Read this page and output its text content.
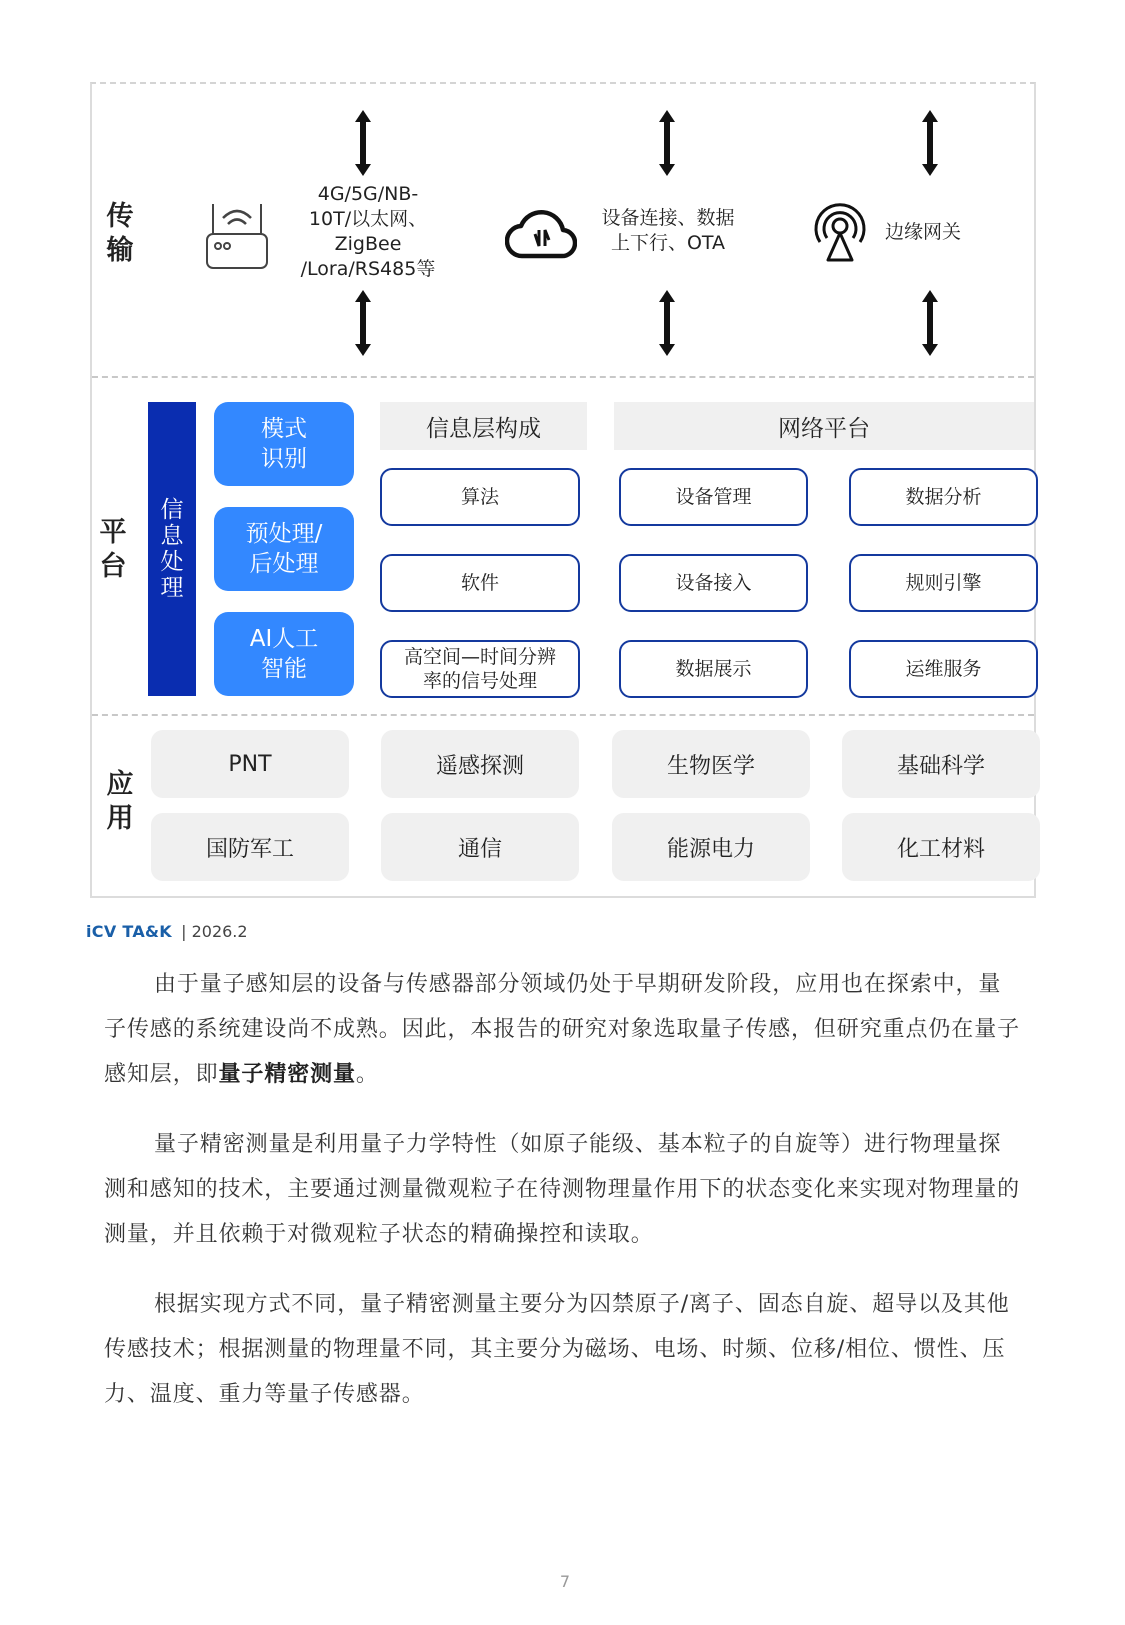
传输
平台
应用
4G/5G/NB-
10T/以太网、
ZigBee
/Lora/RS485等
设备连接、数据
上下行、OTA	边缘网关
信息处理
模式
识别
预处理/
后处理
AI人工
智能
信息层构成
算法
软件
高空间—时间分辨
率的信号处理
网络平台
设备管理
设备接入
数据展示
数据分析
规则引擎
运维服务
PNT	遥感探测	生物医学	基础科学
国防军工	通信	能源电力	化工材料
iCV TA&K | 2026.2

由于量子感知层的设备与传感器部分领域仍处于早期研发阶段，应用也在探索中，量子传感的系统建设尚不成熟。因此，本报告的研究对象选取量子传感，但研究重点仍在量子感知层，即量子精密测量。

量子精密测量是利用量子力学特性（如原子能级、基本粒子的自旋等）进行物理量探测和感知的技术，主要通过测量微观粒子在待测物理量作用下的状态变化来实现对物理量的测量，并且依赖于对微观粒子状态的精确操控和读取。

根据实现方式不同，量子精密测量主要分为囚禁原子/离子、固态自旋、超导以及其他传感技术；根据测量的物理量不同，其主要分为磁场、电场、时频、位移/相位、惯性、压力、温度、重力等量子传感器。

7
